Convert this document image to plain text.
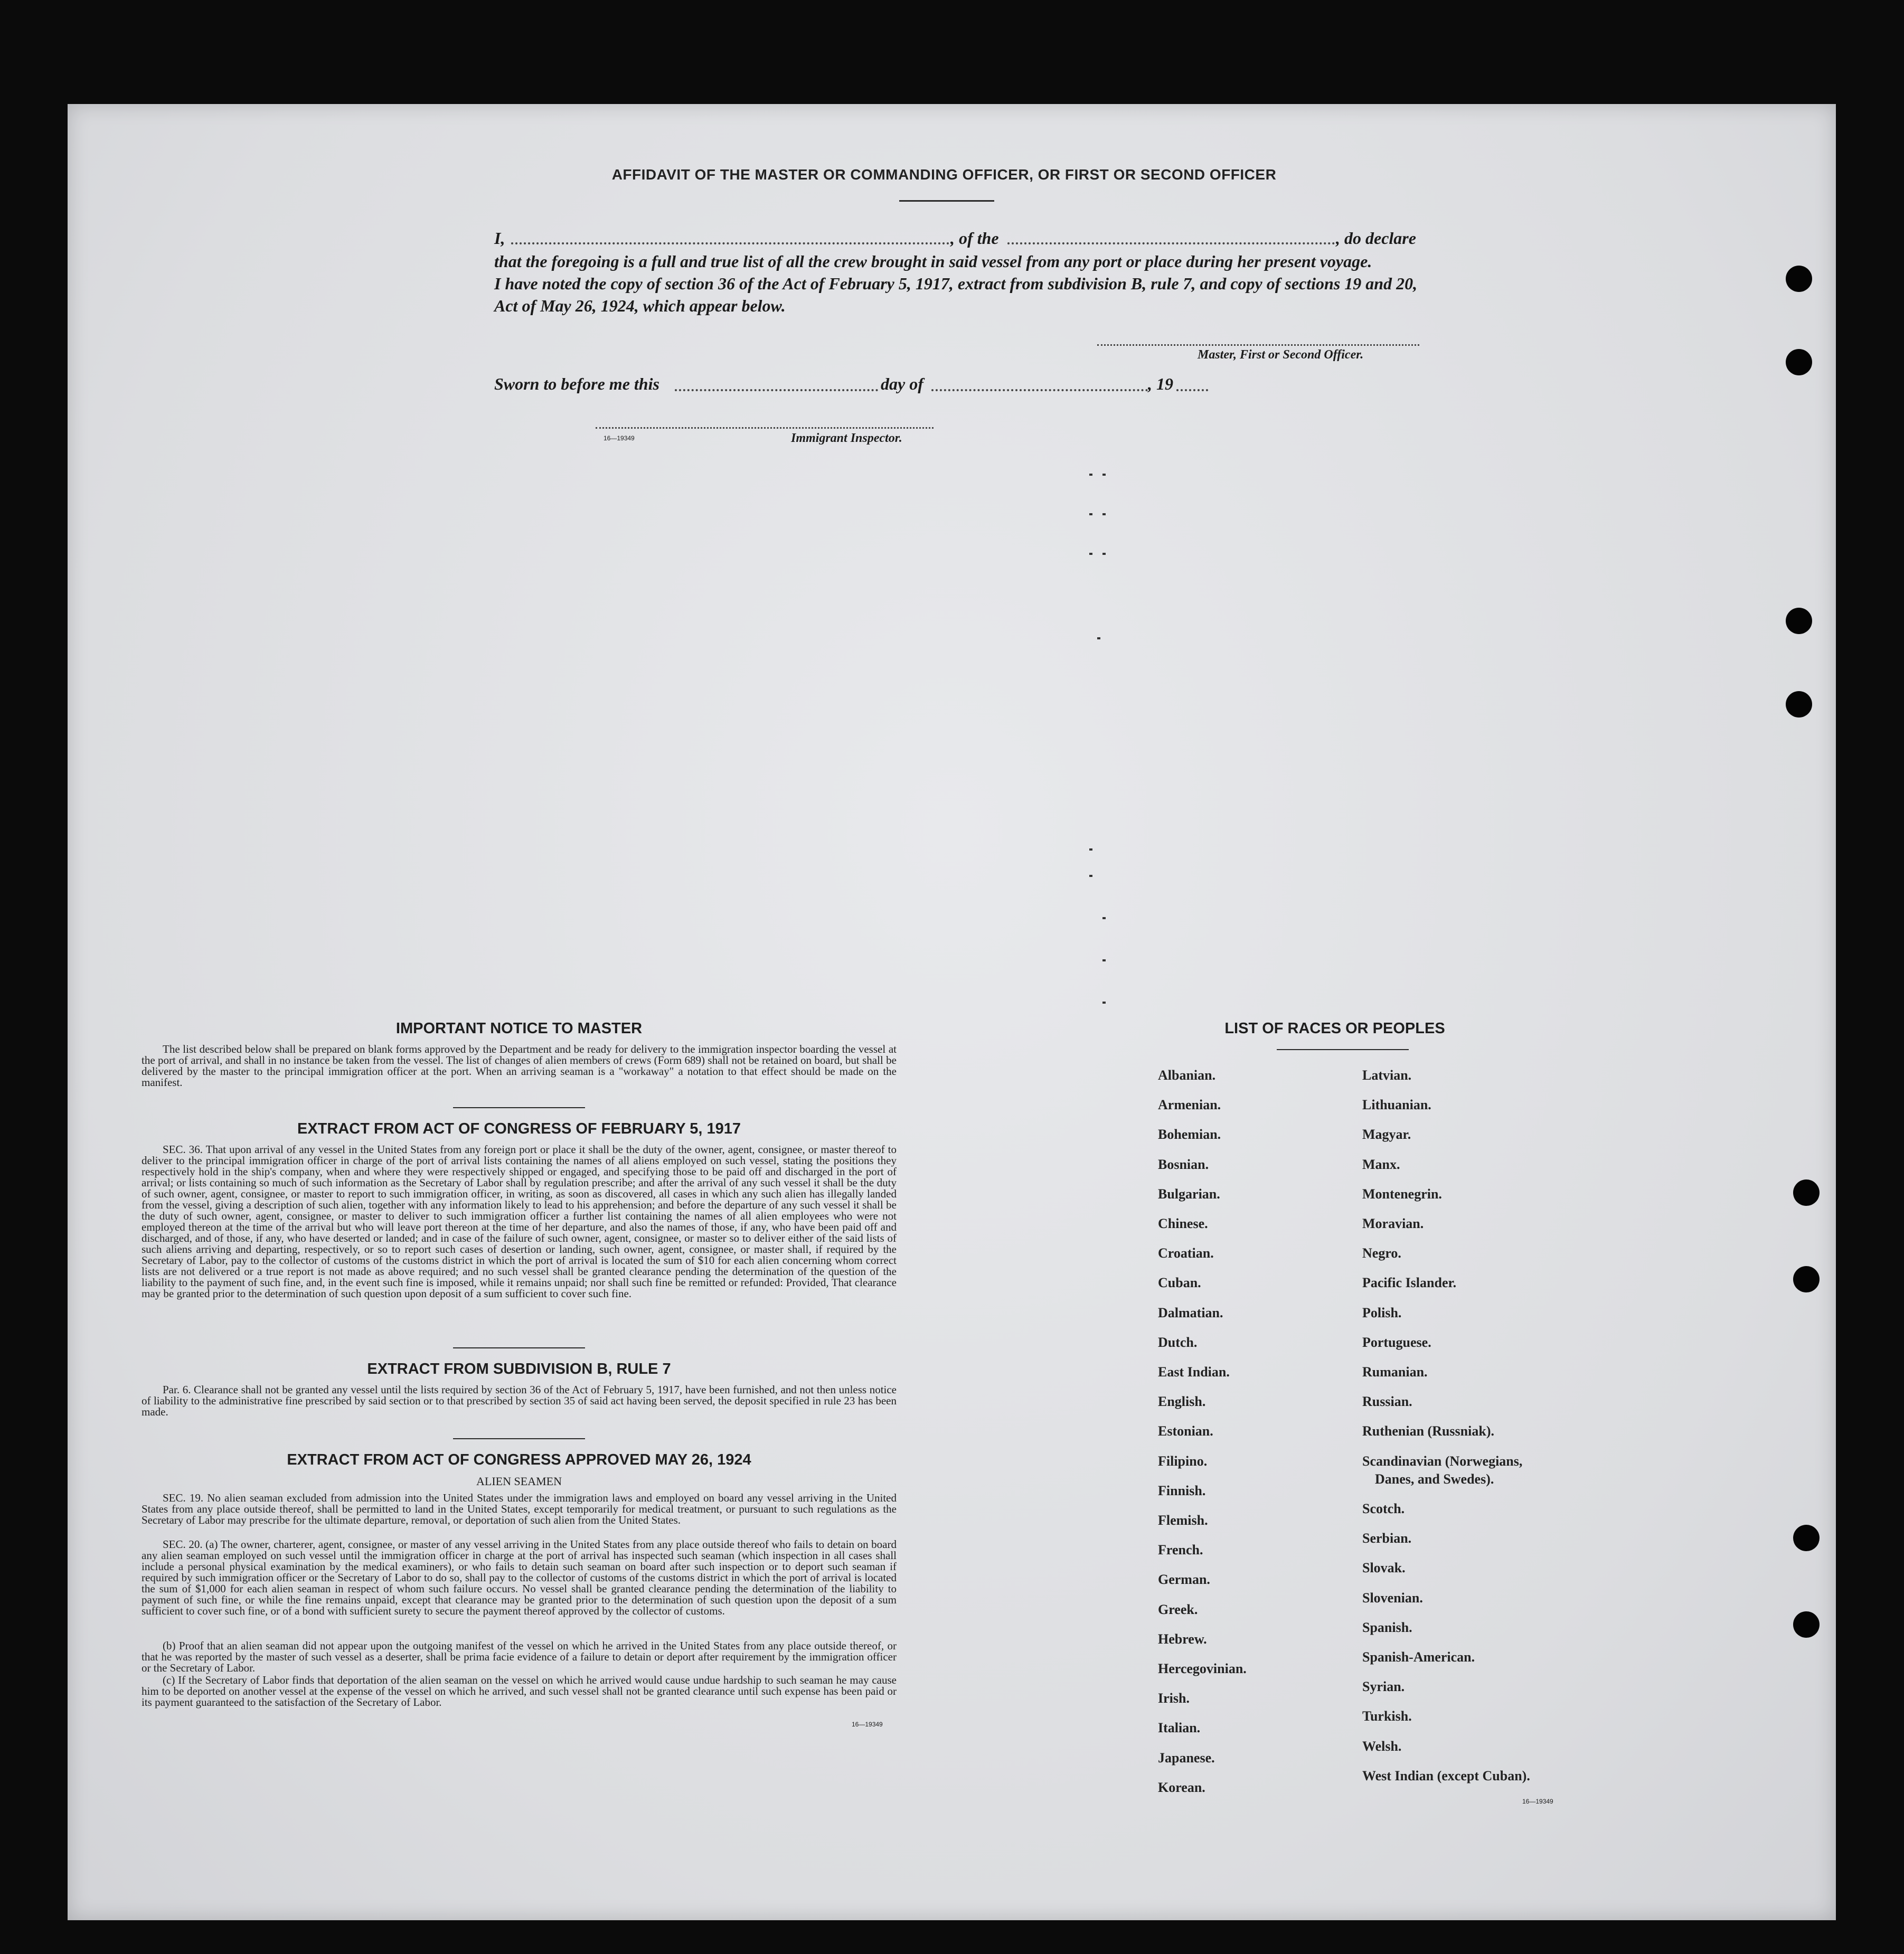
AFFIDAVIT OF THE MASTER OR COMMANDING OFFICER, OR FIRST OR SECOND OFFICER
I,	, of the	, do declare
that the foregoing is a full and true list of all the crew brought in said vessel from any port or place during her present voyage.
I have noted the copy of section 36 of the Act of February 5, 1917, extract from subdivision B, rule 7, and copy of sections 19 and 20,
Act of May 26, 1924, which appear below.
Master, First or Second Officer.
Sworn to before me this	day of	, 19
16—19349	Immigrant Inspector.
IMPORTANT NOTICE TO MASTER
The list described below shall be prepared on blank forms approved by the Department and be ready for delivery to the immigration inspector boarding the vessel at the port of arrival, and shall in no instance be taken from the vessel. The list of changes of alien members of crews (Form 689) shall not be retained on board, but shall be delivered by the master to the principal immigration officer at the port. When an arriving seaman is a "workaway" a notation to that effect should be made on the manifest.
EXTRACT FROM ACT OF CONGRESS OF FEBRUARY 5, 1917
SEC. 36. That upon arrival of any vessel in the United States from any foreign port or place it shall be the duty of the owner, agent, consignee, or master thereof to deliver to the principal immigration officer in charge of the port of arrival lists containing the names of all aliens employed on such vessel, stating the positions they respectively hold in the ship's company, when and where they were respectively shipped or engaged, and specifying those to be paid off and discharged in the port of arrival; or lists containing so much of such information as the Secretary of Labor shall by regulation prescribe; and after the arrival of any such vessel it shall be the duty of such owner, agent, consignee, or master to report to such immigration officer, in writing, as soon as discovered, all cases in which any such alien has illegally landed from the vessel, giving a description of such alien, together with any information likely to lead to his apprehension; and before the departure of any such vessel it shall be the duty of such owner, agent, consignee, or master to deliver to such immigration officer a further list containing the names of all alien employees who were not employed thereon at the time of the arrival but who will leave port thereon at the time of her departure, and also the names of those, if any, who have been paid off and discharged, and of those, if any, who have deserted or landed; and in case of the failure of such owner, agent, consignee, or master so to deliver either of the said lists of such aliens arriving and departing, respectively, or so to report such cases of desertion or landing, such owner, agent, consignee, or master shall, if required by the Secretary of Labor, pay to the collector of customs of the customs district in which the port of arrival is located the sum of $10 for each alien concerning whom correct lists are not delivered or a true report is not made as above required; and no such vessel shall be granted clearance pending the determination of the question of the liability to the payment of such fine, and, in the event such fine is imposed, while it remains unpaid; nor shall such fine be remitted or refunded: Provided, That clearance may be granted prior to the determination of such question upon deposit of a sum sufficient to cover such fine.
EXTRACT FROM SUBDIVISION B, RULE 7
Par. 6. Clearance shall not be granted any vessel until the lists required by section 36 of the Act of February 5, 1917, have been furnished, and not then unless notice of liability to the administrative fine prescribed by said section or to that prescribed by section 35 of said act having been served, the deposit specified in rule 23 has been made.
EXTRACT FROM ACT OF CONGRESS APPROVED MAY 26, 1924
ALIEN SEAMEN
SEC. 19. No alien seaman excluded from admission into the United States under the immigration laws and employed on board any vessel arriving in the United States from any place outside thereof, shall be permitted to land in the United States, except temporarily for medical treatment, or pursuant to such regulations as the Secretary of Labor may prescribe for the ultimate departure, removal, or deportation of such alien from the United States.
SEC. 20. (a) The owner, charterer, agent, consignee, or master of any vessel arriving in the United States from any place outside thereof who fails to detain on board any alien seaman employed on such vessel until the immigration officer in charge at the port of arrival has inspected such seaman (which inspection in all cases shall include a personal physical examination by the medical examiners), or who fails to detain such seaman on board after such inspection or to deport such seaman if required by such immigration officer or the Secretary of Labor to do so, shall pay to the collector of customs of the customs district in which the port of arrival is located the sum of $1,000 for each alien seaman in respect of whom such failure occurs. No vessel shall be granted clearance pending the determination of the liability to payment of such fine, or while the fine remains unpaid, except that clearance may be granted prior to the determination of such question upon the deposit of a sum sufficient to cover such fine, or of a bond with sufficient surety to secure the payment thereof approved by the collector of customs.
(b) Proof that an alien seaman did not appear upon the outgoing manifest of the vessel on which he arrived in the United States from any place outside thereof, or that he was reported by the master of such vessel as a deserter, shall be prima facie evidence of a failure to detain or deport after requirement by the immigration officer or the Secretary of Labor.
(c) If the Secretary of Labor finds that deportation of the alien seaman on the vessel on which he arrived would cause undue hardship to such seaman he may cause him to be deported on another vessel at the expense of the vessel on which he arrived, and such vessel shall not be granted clearance until such expense has been paid or its payment guaranteed to the satisfaction of the Secretary of Labor.
16—19349
LIST OF RACES OR PEOPLES
Albanian.
Armenian.
Bohemian.
Bosnian.
Bulgarian.
Chinese.
Croatian.
Cuban.
Dalmatian.
Dutch.
East Indian.
English.
Estonian.
Filipino.
Finnish.
Flemish.
French.
German.
Greek.
Hebrew.
Hercegovinian.
Irish.
Italian.
Japanese.
Korean.
Latvian.
Lithuanian.
Magyar.
Manx.
Montenegrin.
Moravian.
Negro.
Pacific Islander.
Polish.
Portuguese.
Rumanian.
Russian.
Ruthenian (Russniak).
Scandinavian (Norwegians,
Danes, and Swedes).
Scotch.
Serbian.
Slovak.
Slovenian.
Spanish.
Spanish-American.
Syrian.
Turkish.
Welsh.
West Indian (except Cuban).
16—19349
